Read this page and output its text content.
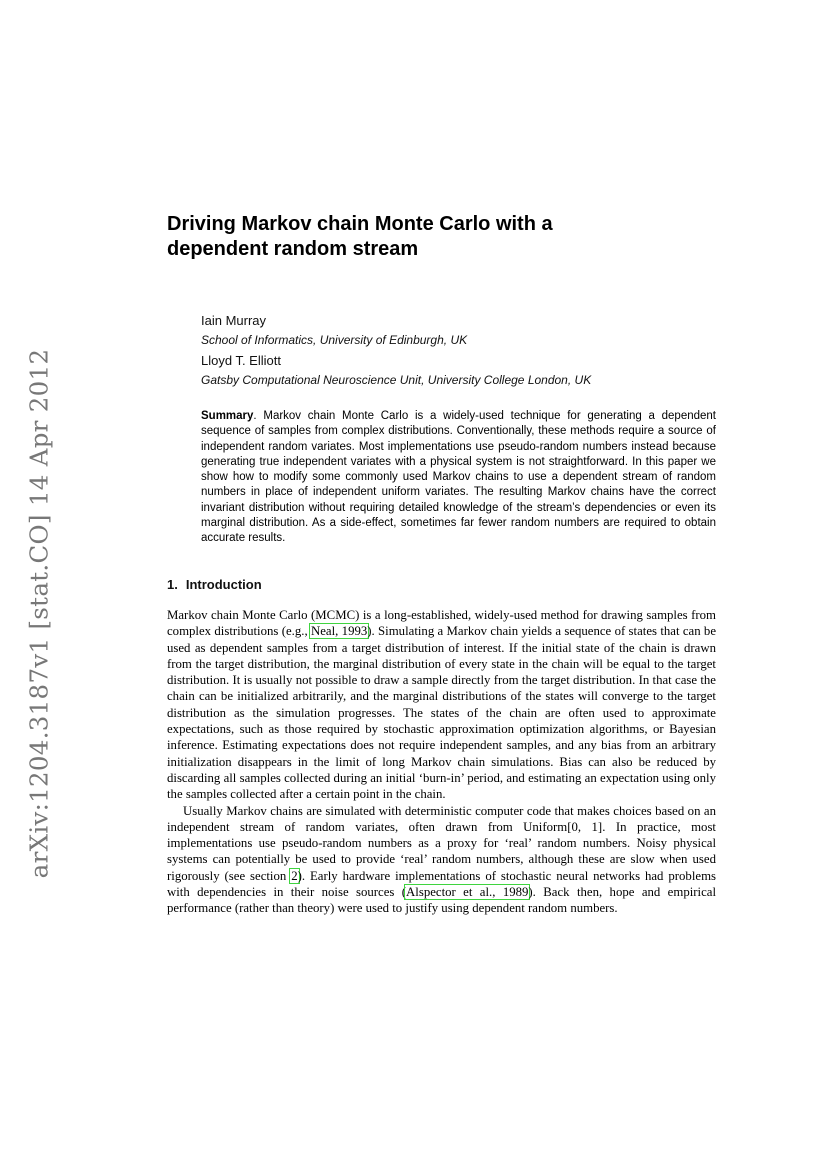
arXiv:1204.3187v1 [stat.CO] 14 Apr 2012
Driving Markov chain Monte Carlo with a
dependent random stream

Iain Murray

School of Informatics, University of Edinburgh, UK

Lloyd T. Elliott

Gatsby Computational Neuroscience Unit, University College London, UK

Summary. Markov chain Monte Carlo is a widely-used technique for generating a dependent sequence of samples from complex distributions. Conventionally, these methods require a source of independent random variates. Most implementations use pseudo-random numbers instead because generating true independent variates with a physical system is not straightforward. In this paper we show how to modify some commonly used Markov chains to use a dependent stream of random numbers in place of independent uniform variates. The resulting Markov chains have the correct invariant distribution without requiring detailed knowledge of the stream’s dependencies or even its marginal distribution. As a side-effect, sometimes far fewer random numbers are required to obtain accurate results.

1. Introduction

Markov chain Monte Carlo (MCMC) is a long-established, widely-used method for drawing samples from complex distributions (e.g., Neal, 1993). Simulating a Markov chain yields a sequence of states that can be used as dependent samples from a target distribution of interest. If the initial state of the chain is drawn from the target distribution, the marginal distribution of every state in the chain will be equal to the target distribution. It is usually not possible to draw a sample directly from the target distribution. In that case the chain can be initialized arbitrarily, and the marginal distributions of the states will converge to the target distribution as the simulation progresses. The states of the chain are often used to approximate expectations, such as those required by stochastic approximation optimization algorithms, or Bayesian inference. Estimating expectations does not require independent samples, and any bias from an arbitrary initialization disappears in the limit of long Markov chain simulations. Bias can also be reduced by discarding all samples collected during an initial ‘burn-in’ period, and estimating an expectation using only the samples collected after a certain point in the chain.

Usually Markov chains are simulated with deterministic computer code that makes choices based on an independent stream of random variates, often drawn from Uniform[0, 1]. In practice, most implementations use pseudo-random numbers as a proxy for ‘real’ random numbers. Noisy physical systems can potentially be used to provide ‘real’ random numbers, although these are slow when used rigorously (see section 2). Early hardware implementations of stochastic neural networks had problems with dependencies in their noise sources (Alspector et al., 1989). Back then, hope and empirical performance (rather than theory) were used to justify using dependent random numbers.
